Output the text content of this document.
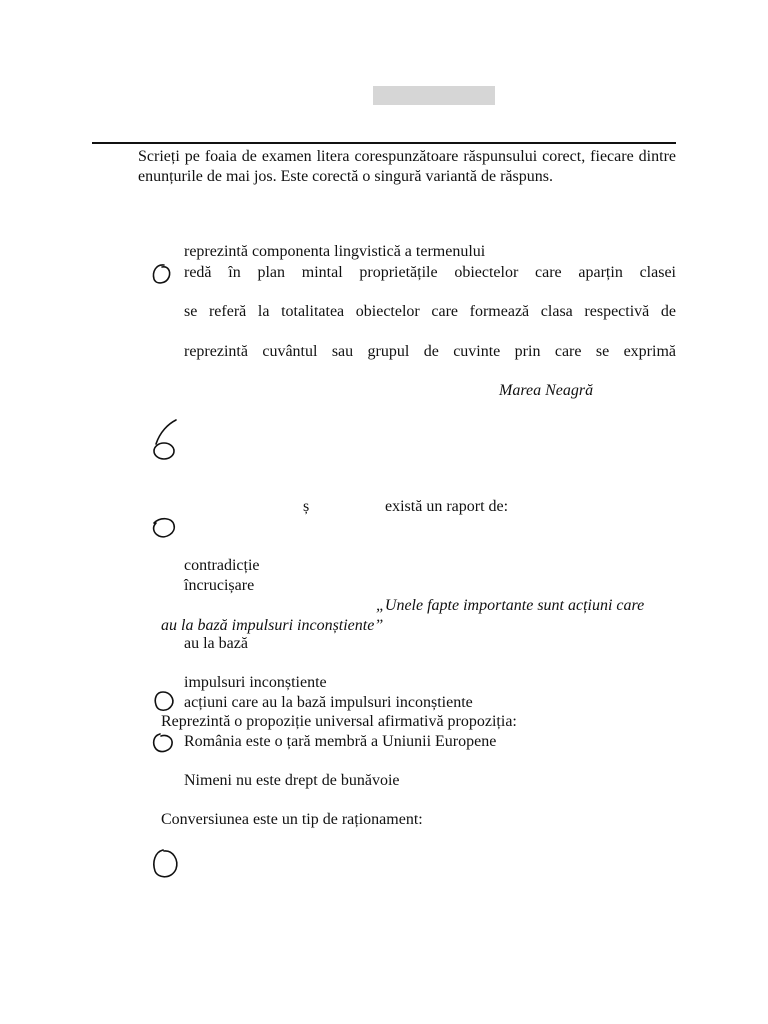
Scrieți pe foaia de examen litera corespunzătoare răspunsului corect, fiecare dintre enunțurile de mai jos. Este corectă o singură variantă de răspuns.
reprezintă componenta lingvistică a termenului
redă în plan mintal proprietățile obiectelor care aparțin clasei
se referă la totalitatea obiectelor care formează clasa respectivă de
reprezintă cuvântul sau grupul de cuvinte prin care se exprimă
Marea Neagră
ș	există un raport de:
contradicție
încrucișare
„Unele fapte importante sunt acțiuni care
au la bază impulsuri inconștiente”
au la bază
impulsuri inconștiente
acțiuni care au la bază impulsuri inconștiente
Reprezintă o propoziție universal afirmativă propoziția:
România este o țară membră a Uniunii Europene
Nimeni nu este drept de bunăvoie
Conversiunea este un tip de raționament:
